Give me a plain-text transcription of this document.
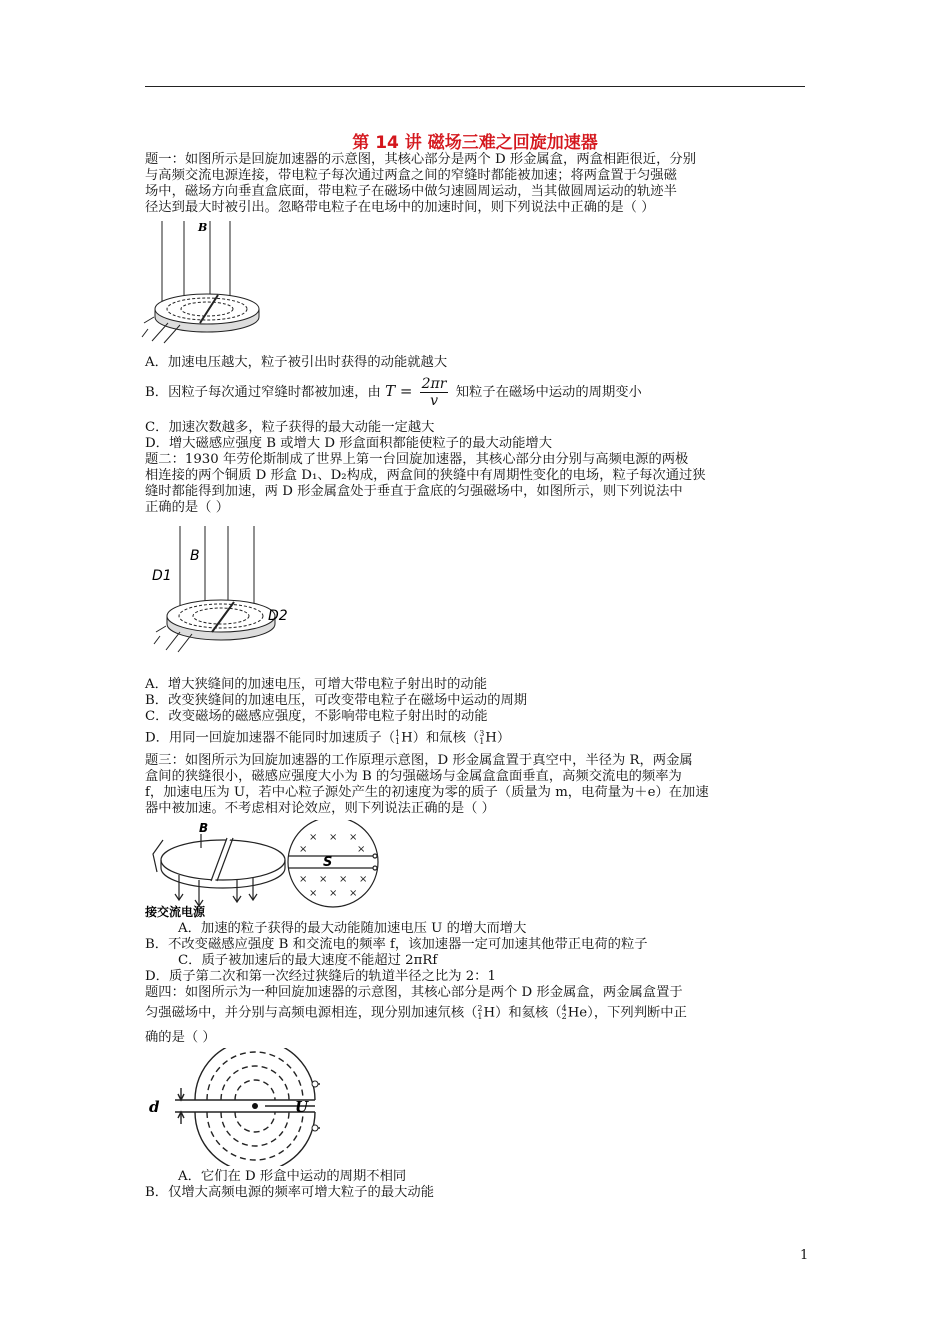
第 14 讲 磁场三难之回旋加速器
题一：如图所示是回旋加速器的示意图，其核心部分是两个 D 形金属盒，两盒相距很近，分别
与高频交流电源连接，带电粒子每次通过两盒之间的窄缝时都能被加速；将两盒置于匀强磁
场中，磁场方向垂直盒底面，带电粒子在磁场中做匀速圆周运动，当其做圆周运动的轨迹半
径达到最大时被引出。忽略带电粒子在电场中的加速时间，则下列说法中正确的是（ ）
B
A．加速电压越大，粒子被引出时获得的动能就越大
B．因粒子每次通过窄缝时都被加速，由 $T = \frac{2\pi r}{v}$ 知粒子在磁场中运动的周期变小
C．加速次数越多，粒子获得的最大动能一定越大
D．增大磁感应强度 B 或增大 D 形盒面积都能使粒子的最大动能增大
题二：1930 年劳伦斯制成了世界上第一台回旋加速器，其核心部分由分别与高频电源的两极
相连接的两个铜质 D 形盒 D₁、D₂构成，两盒间的狭缝中有周期性变化的电场，粒子每次通过狭
缝时都能得到加速，两 D 形金属盒处于垂直于盒底的匀强磁场中，如图所示，则下列说法中
正确的是（ ）
B
D1
D2
A．增大狭缝间的加速电压，可增大带电粒子射出时的动能
B．改变狭缝间的加速电压，可改变带电粒子在磁场中运动的周期
C．改变磁场的磁感应强度，不影响带电粒子射出时的动能
D．用同一回旋加速器不能同时加速质子（1
1H）和氚核（3
1H）
题三：如图所示为回旋加速器的工作原理示意图，D 形金属盒置于真空中，半径为 R，两金属
盒间的狭缝很小，磁感应强度大小为 B 的匀强磁场与金属盒盒面垂直，高频交流电的频率为
f，加速电压为 U，若中心粒子源处产生的初速度为零的质子（质量为 m，电荷量为＋e）在加速
器中被加速。不考虑相对论效应，则下列说法正确的是（ ）
× × ×
×	×
× × × ×
× × ×
B
S
接交流电源
A．加速的粒子获得的最大动能随加速电压 U 的增大而增大
B．不改变磁感应强度 B 和交流电的频率 f，该加速器一定可加速其他带正电荷的粒子
C．质子被加速后的最大速度不能超过 2πRf
D．质子第二次和第一次经过狭缝后的轨道半径之比为 2：1
题四：如图所示为一种回旋加速器的示意图，其核心部分是两个 D 形金属盒，两金属盒置于
匀强磁场中，并分别与高频电源相连，现分别加速氘核（2
1H）和氦核（4
2He），下列判断中正
确的是（ ）
d	U
A．它们在 D 形盒中运动的周期不相同
B．仅增大高频电源的频率可增大粒子的最大动能
1
